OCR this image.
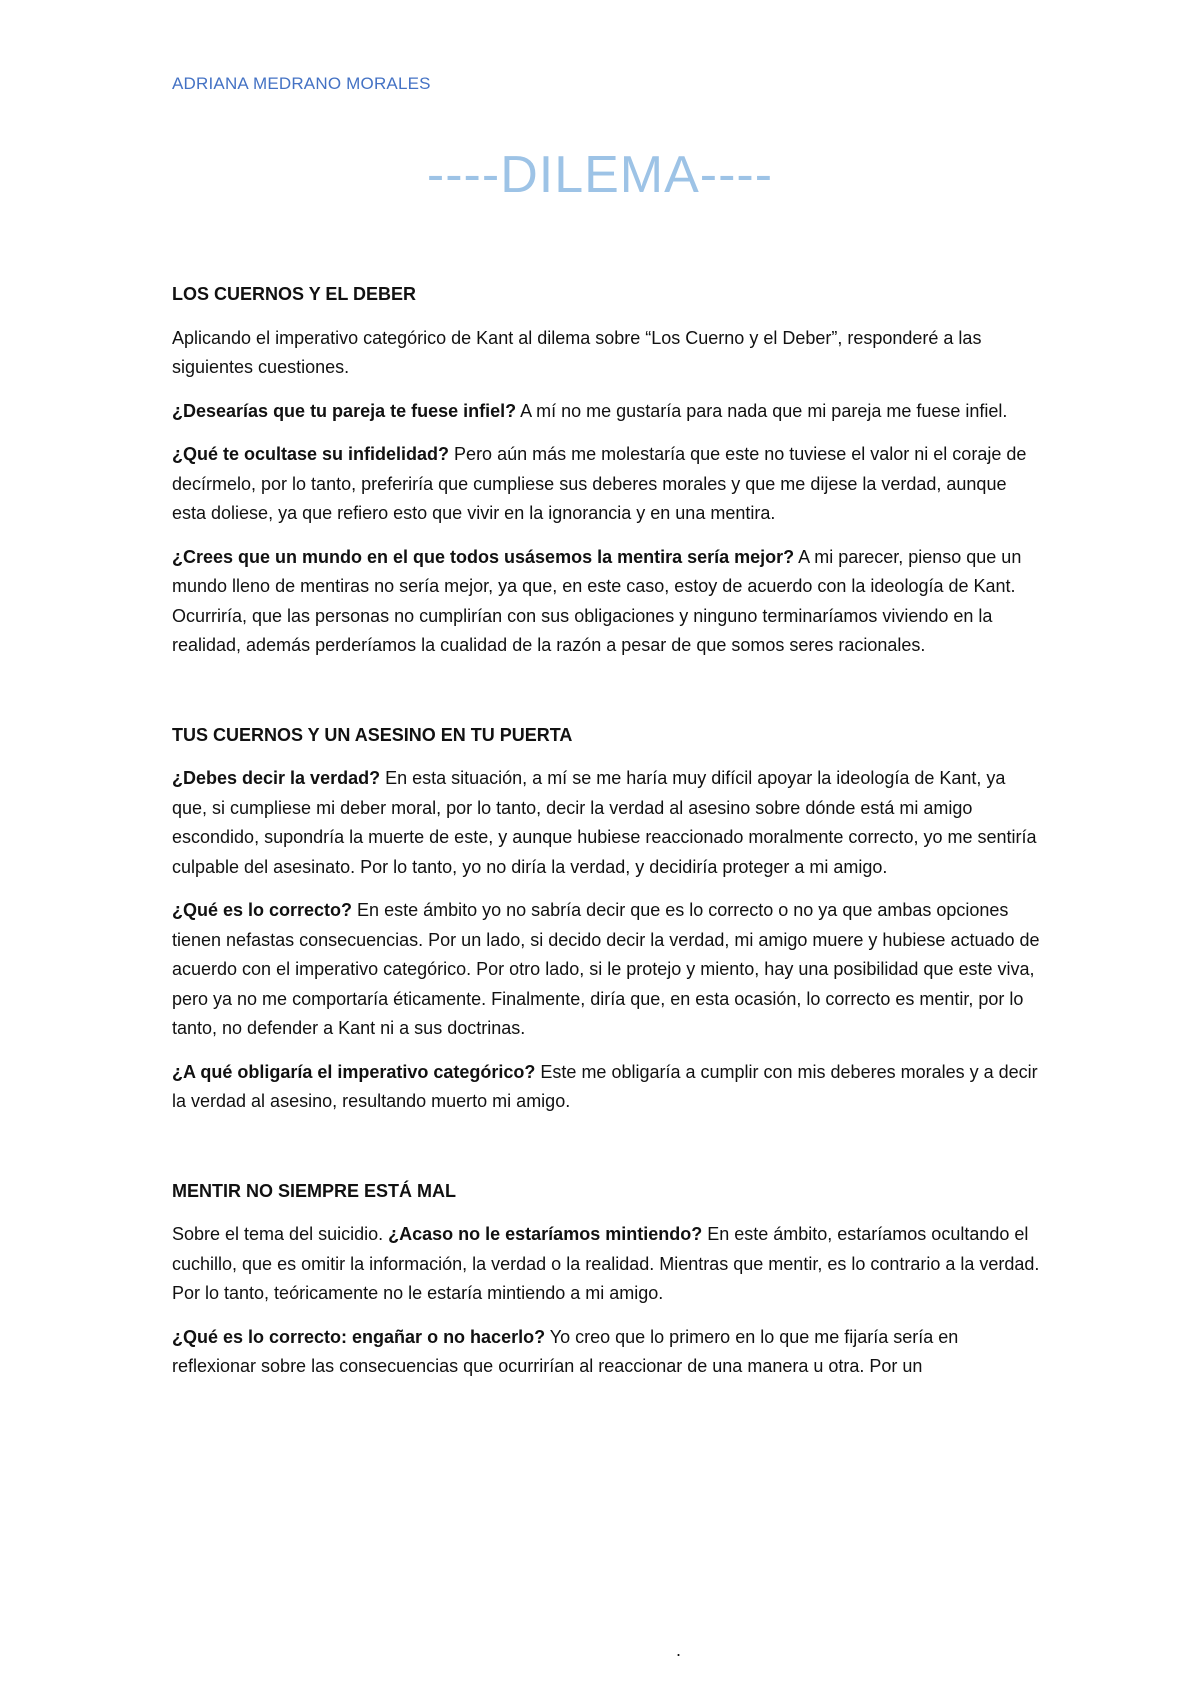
ADRIANA MEDRANO MORALES
----DILEMA----
LOS CUERNOS Y EL DEBER

Aplicando el imperativo categórico de Kant al dilema sobre “Los Cuerno y el Deber”, responderé a las siguientes cuestiones.

¿Desearías que tu pareja te fuese infiel? A mí no me gustaría para nada que mi pareja me fuese infiel.

¿Qué te ocultase su infidelidad? Pero aún más me molestaría que este no tuviese el valor ni el coraje de decírmelo, por lo tanto, preferiría que cumpliese sus deberes morales y que me dijese la verdad, aunque esta doliese, ya que refiero esto que vivir en la ignorancia y en una mentira.

¿Crees que un mundo en el que todos usásemos la mentira sería mejor? A mi parecer, pienso que un mundo lleno de mentiras no sería mejor, ya que, en este caso, estoy de acuerdo con la ideología de Kant. Ocurriría, que las personas no cumplirían con sus obligaciones y ninguno terminaríamos viviendo en la realidad, además perderíamos la cualidad de la razón a pesar de que somos seres racionales.

TUS CUERNOS Y UN ASESINO EN TU PUERTA

¿Debes decir la verdad? En esta situación, a mí se me haría muy difícil apoyar la ideología de Kant, ya que, si cumpliese mi deber moral, por lo tanto, decir la verdad al asesino sobre dónde está mi amigo escondido, supondría la muerte de este, y aunque hubiese reaccionado moralmente correcto, yo me sentiría culpable del asesinato. Por lo tanto, yo no diría la verdad, y decidiría proteger a mi amigo.

¿Qué es lo correcto? En este ámbito yo no sabría decir que es lo correcto o no ya que ambas opciones tienen nefastas consecuencias. Por un lado, si decido decir la verdad, mi amigo muere y hubiese actuado de acuerdo con el imperativo categórico. Por otro lado, si le protejo y miento, hay una posibilidad que este viva, pero ya no me comportaría éticamente. Finalmente, diría que, en esta ocasión, lo correcto es mentir, por lo tanto, no defender a Kant ni a sus doctrinas.

¿A qué obligaría el imperativo categórico? Este me obligaría a cumplir con mis deberes morales y a decir la verdad al asesino, resultando muerto mi amigo.

MENTIR NO SIEMPRE ESTÁ MAL

Sobre el tema del suicidio. ¿Acaso no le estaríamos mintiendo? En este ámbito, estaríamos ocultando el cuchillo, que es omitir la información, la verdad o la realidad. Mientras que mentir, es lo contrario a la verdad. Por lo tanto, teóricamente no le estaría mintiendo a mi amigo.

¿Qué es lo correcto: engañar o no hacerlo? Yo creo que lo primero en lo que me fijaría sería en reflexionar sobre las consecuencias que ocurrirían al reaccionar de una manera u otra. Por un

.
